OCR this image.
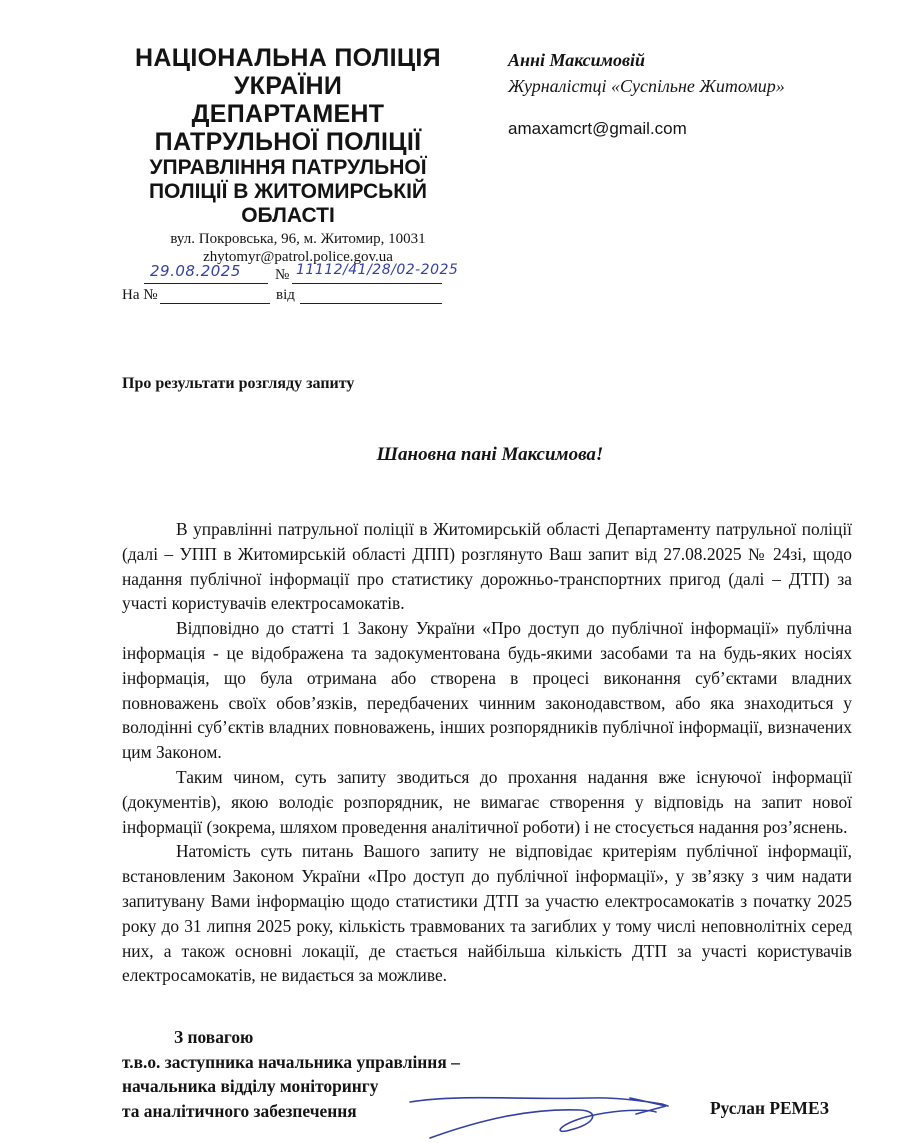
НАЦІОНАЛЬНА ПОЛІЦІЯ
УКРАЇНИ
ДЕПАРТАМЕНТ
ПАТРУЛЬНОЇ ПОЛІЦІЇ
УПРАВЛІННЯ ПАТРУЛЬНОЇ
ПОЛІЦІЇ В ЖИТОМИРСЬКІЙ
ОБЛАСТІ
вул. Покровська, 96, м. Житомир, 10031
zhytomyr@patrol.police.gov.ua
29.08.2025 № 11112/41/28/02-2025
На №	від
Анні Максимовій
Журналістці «Суспільне Житомир»
amaxamcrt@gmail.com
Про результати розгляду запиту
Шановна пані Максимова!

В управлінні патрульної поліції в Житомирській області Департаменту патрульної поліції (далі – УПП в Житомирській області ДПП) розглянуто Ваш запит від 27.08.2025 № 24зі, щодо надання публічної інформації про статистику дорожньо-транспортних пригод (далі – ДТП) за участі користувачів електросамокатів.

Відповідно до статті 1 Закону України «Про доступ до публічної інформації» публічна інформація - це відображена та задокументована будь-якими засобами та на будь-яких носіях інформація, що була отримана або створена в процесі виконання суб’єктами владних повноважень своїх обов’язків, передбачених чинним законодавством, або яка знаходиться у володінні суб’єктів владних повноважень, інших розпорядників публічної інформації, визначених цим Законом.

Таким чином, суть запиту зводиться до прохання надання вже існуючої інформації (документів), якою володіє розпорядник, не вимагає створення у відповідь на запит нової інформації (зокрема, шляхом проведення аналітичної роботи) і не стосується надання роз’яснень.

Натомість суть питань Вашого запиту не відповідає критеріям публічної інформації, встановленим Законом України «Про доступ до публічної інформації», у зв’язку з чим надати запитувану Вами інформацію щодо статистики ДТП за участю електросамокатів з початку 2025 року до 31 липня 2025 року, кількість травмованих та загиблих у тому числі неповнолітніх серед них, а також основні локації, де стається найбільша кількість ДТП за участі користувачів електросамокатів, не видається за можливе.

З повагою
т.в.о. заступника начальника управління –
начальника відділу моніторингу
та аналітичного забезпечення	Руслан РЕМЕЗ
